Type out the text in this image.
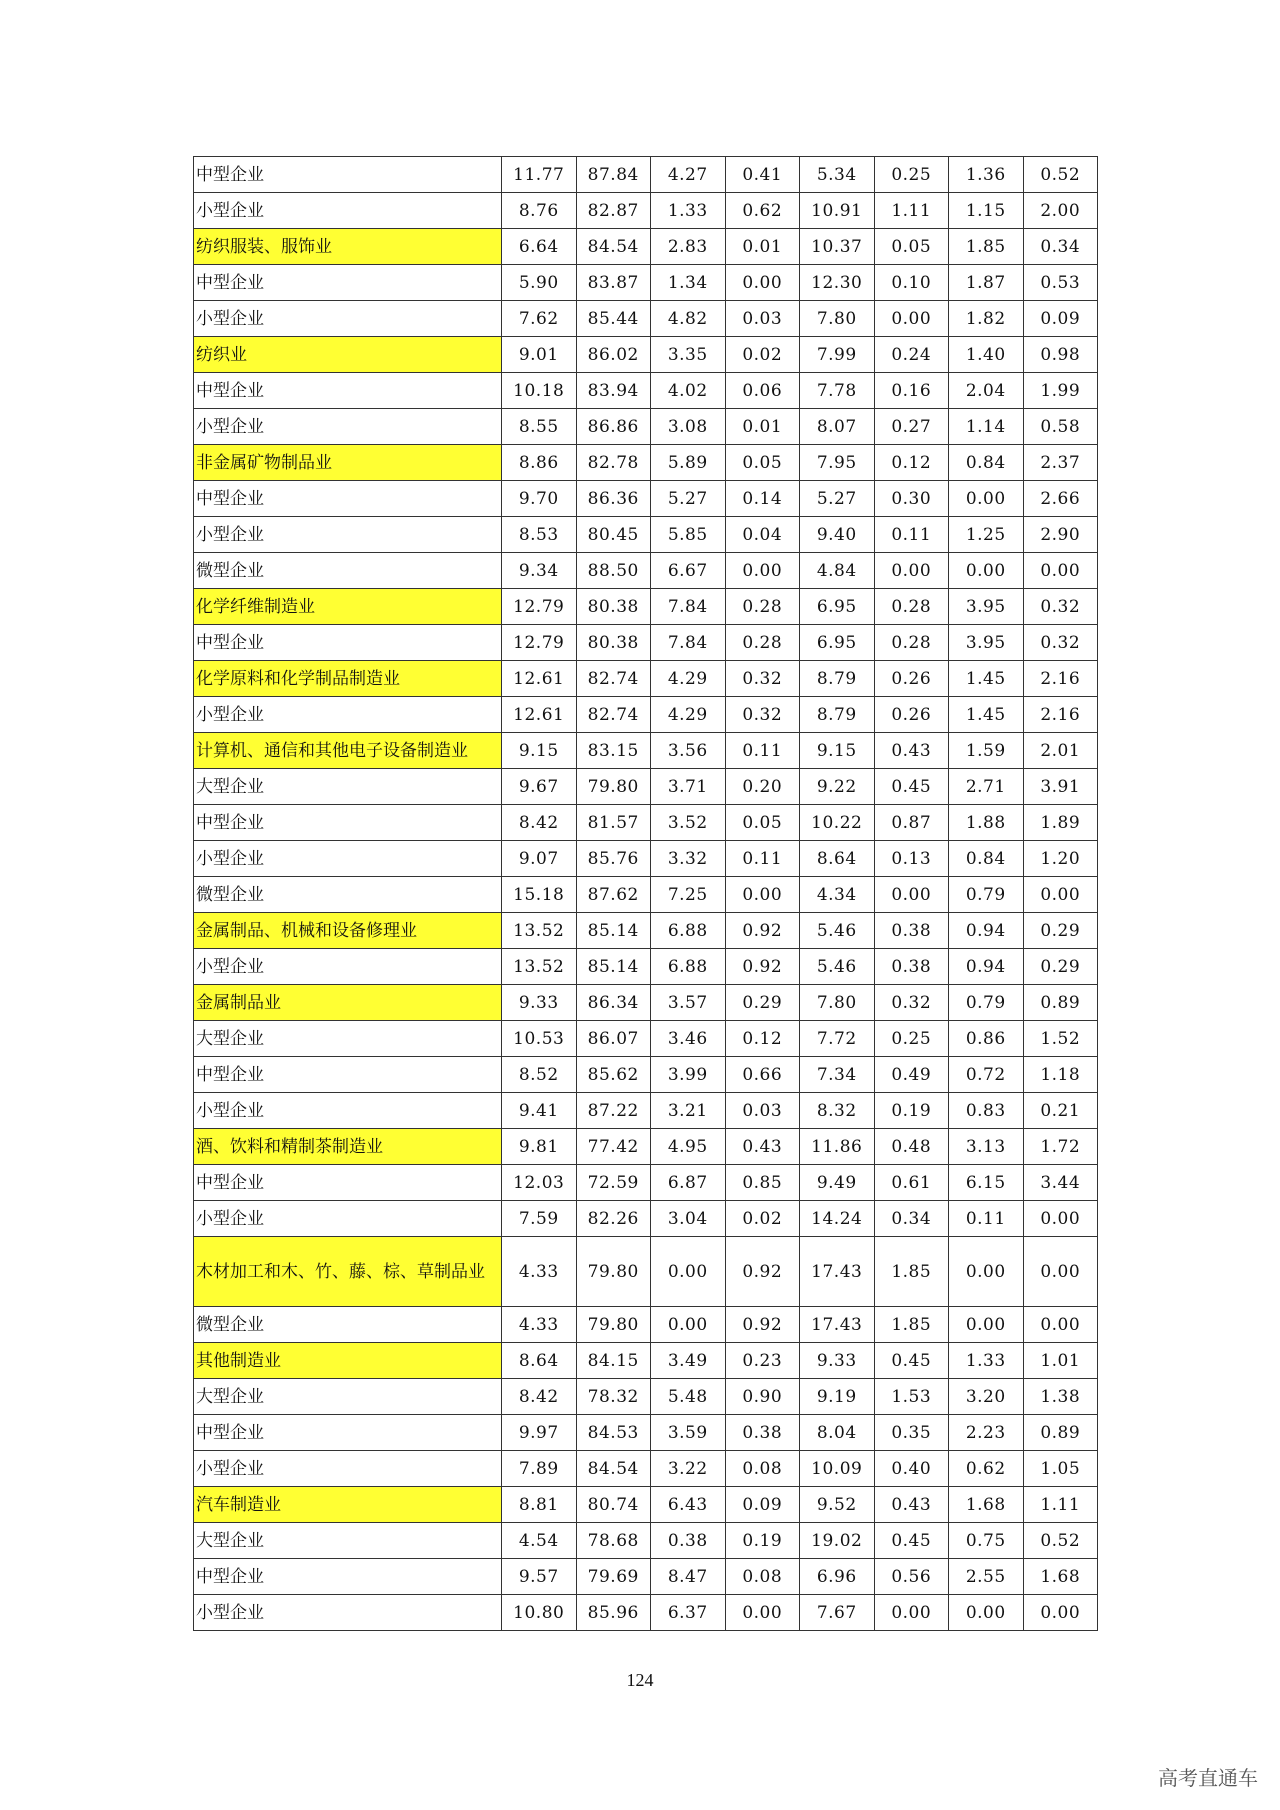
中型企业	11.77	87.84	4.27	0.41	5.34	0.25	1.36	0.52
小型企业	8.76	82.87	1.33	0.62	10.91	1.11	1.15	2.00
纺织服装、服饰业	6.64	84.54	2.83	0.01	10.37	0.05	1.85	0.34
中型企业	5.90	83.87	1.34	0.00	12.30	0.10	1.87	0.53
小型企业	7.62	85.44	4.82	0.03	7.80	0.00	1.82	0.09
纺织业	9.01	86.02	3.35	0.02	7.99	0.24	1.40	0.98
中型企业	10.18	83.94	4.02	0.06	7.78	0.16	2.04	1.99
小型企业	8.55	86.86	3.08	0.01	8.07	0.27	1.14	0.58
非金属矿物制品业	8.86	82.78	5.89	0.05	7.95	0.12	0.84	2.37
中型企业	9.70	86.36	5.27	0.14	5.27	0.30	0.00	2.66
小型企业	8.53	80.45	5.85	0.04	9.40	0.11	1.25	2.90
微型企业	9.34	88.50	6.67	0.00	4.84	0.00	0.00	0.00
化学纤维制造业	12.79	80.38	7.84	0.28	6.95	0.28	3.95	0.32
中型企业	12.79	80.38	7.84	0.28	6.95	0.28	3.95	0.32
化学原料和化学制品制造业	12.61	82.74	4.29	0.32	8.79	0.26	1.45	2.16
小型企业	12.61	82.74	4.29	0.32	8.79	0.26	1.45	2.16
计算机、通信和其他电子设备制造业	9.15	83.15	3.56	0.11	9.15	0.43	1.59	2.01
大型企业	9.67	79.80	3.71	0.20	9.22	0.45	2.71	3.91
中型企业	8.42	81.57	3.52	0.05	10.22	0.87	1.88	1.89
小型企业	9.07	85.76	3.32	0.11	8.64	0.13	0.84	1.20
微型企业	15.18	87.62	7.25	0.00	4.34	0.00	0.79	0.00
金属制品、机械和设备修理业	13.52	85.14	6.88	0.92	5.46	0.38	0.94	0.29
小型企业	13.52	85.14	6.88	0.92	5.46	0.38	0.94	0.29
金属制品业	9.33	86.34	3.57	0.29	7.80	0.32	0.79	0.89
大型企业	10.53	86.07	3.46	0.12	7.72	0.25	0.86	1.52
中型企业	8.52	85.62	3.99	0.66	7.34	0.49	0.72	1.18
小型企业	9.41	87.22	3.21	0.03	8.32	0.19	0.83	0.21
酒、饮料和精制茶制造业	9.81	77.42	4.95	0.43	11.86	0.48	3.13	1.72
中型企业	12.03	72.59	6.87	0.85	9.49	0.61	6.15	3.44
小型企业	7.59	82.26	3.04	0.02	14.24	0.34	0.11	0.00
木材加工和木、竹、藤、棕、草制品业	4.33	79.80	0.00	0.92	17.43	1.85	0.00	0.00
微型企业	4.33	79.80	0.00	0.92	17.43	1.85	0.00	0.00
其他制造业	8.64	84.15	3.49	0.23	9.33	0.45	1.33	1.01
大型企业	8.42	78.32	5.48	0.90	9.19	1.53	3.20	1.38
中型企业	9.97	84.53	3.59	0.38	8.04	0.35	2.23	0.89
小型企业	7.89	84.54	3.22	0.08	10.09	0.40	0.62	1.05
汽车制造业	8.81	80.74	6.43	0.09	9.52	0.43	1.68	1.11
大型企业	4.54	78.68	0.38	0.19	19.02	0.45	0.75	0.52
中型企业	9.57	79.69	8.47	0.08	6.96	0.56	2.55	1.68
小型企业	10.80	85.96	6.37	0.00	7.67	0.00	0.00	0.00
124
高考直通车
